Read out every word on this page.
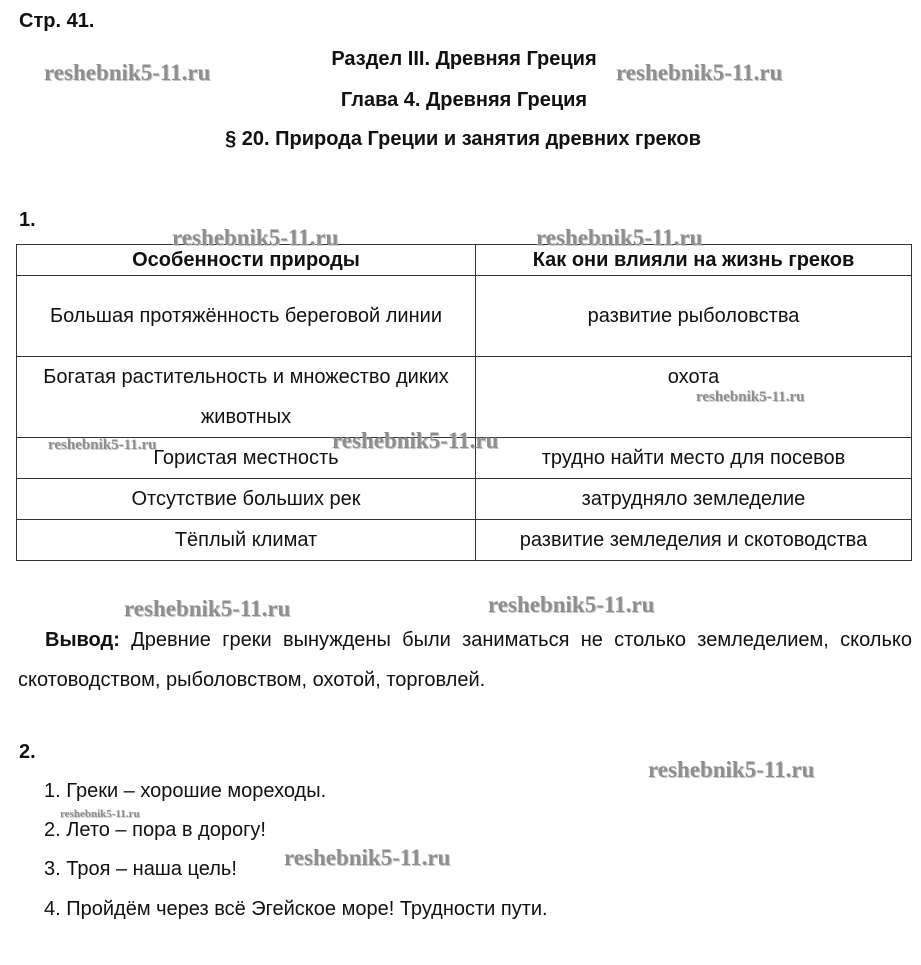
Стр. 41.
Раздел III. Древняя Греция
Глава 4. Древняя Греция
§ 20. Природа Греции и занятия древних греков
1.
Особенности природы	Как они влияли на жизнь греков
Большая протяжённость береговой линии	развитие рыболовства
Богатая растительность и множество диких животных	охота
Гористая местность	трудно найти место для посевов
Отсутствие больших рек	затрудняло земледелие
Тёплый климат	развитие земледелия и скотоводства
Вывод: Древние греки вынуждены были заниматься не столько земледелием, сколько скотоводством, рыболовством, охотой, торговлей.
2.
1. Греки – хорошие мореходы.
2. Лето – пора в дорогу!
3. Троя – наша цель!
4. Пройдём через всё Эгейское море! Трудности пути.
reshebnik5-11.ru	reshebnik5-11.ru
reshebnik5-11.ru	reshebnik5-11.ru
reshebnik5-11.ru
reshebnik5-11.ru	reshebnik5-11.ru
reshebnik5-11.ru	reshebnik5-11.ru
reshebnik5-11.ru
reshebnik5-11.ru
reshebnik5-11.ru
